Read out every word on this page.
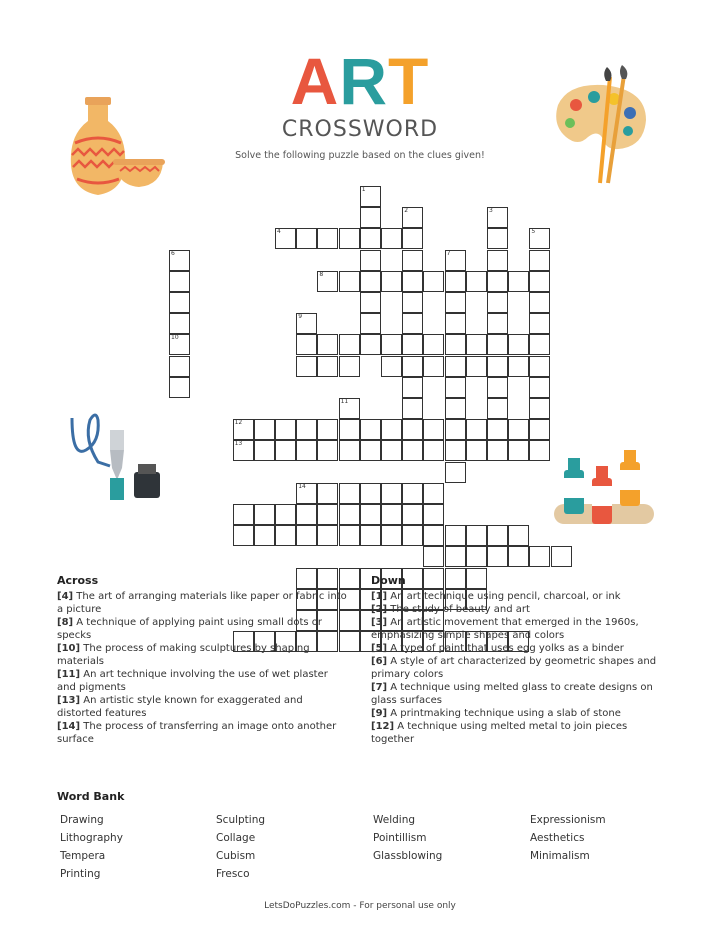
ART
CROSSWORD
Solve the following puzzle based on the clues given!
1
2	3
5
6
10
7
4
8
12
14
9
11
13
Across
[4] The art of arranging materials like paper or fabric into a picture
[8] A technique of applying paint using small dots or specks
[10] The process of making sculptures by shaping materials
[11] An art technique involving the use of wet plaster and pigments
[13] An artistic style known for exaggerated and distorted features
[14] The process of transferring an image onto another surface
Down
[1] An art technique using pencil, charcoal, or ink
[2] The study of beauty and art
[3] An artistic movement that emerged in the 1960s, emphasizing simple shapes and colors
[5] A type of paint that uses egg yolks as a binder
[6] A style of art characterized by geometric shapes and primary colors
[7] A technique using melted glass to create designs on glass surfaces
[9] A printmaking technique using a slab of stone
[12] A technique using melted metal to join pieces together
Word Bank
Drawing
Lithography
Tempera
Printing
Sculpting
Collage
Cubism
Fresco
Welding
Pointillism
Glassblowing
Expressionism
Aesthetics
Minimalism
LetsDoPuzzles.com - For personal use only
